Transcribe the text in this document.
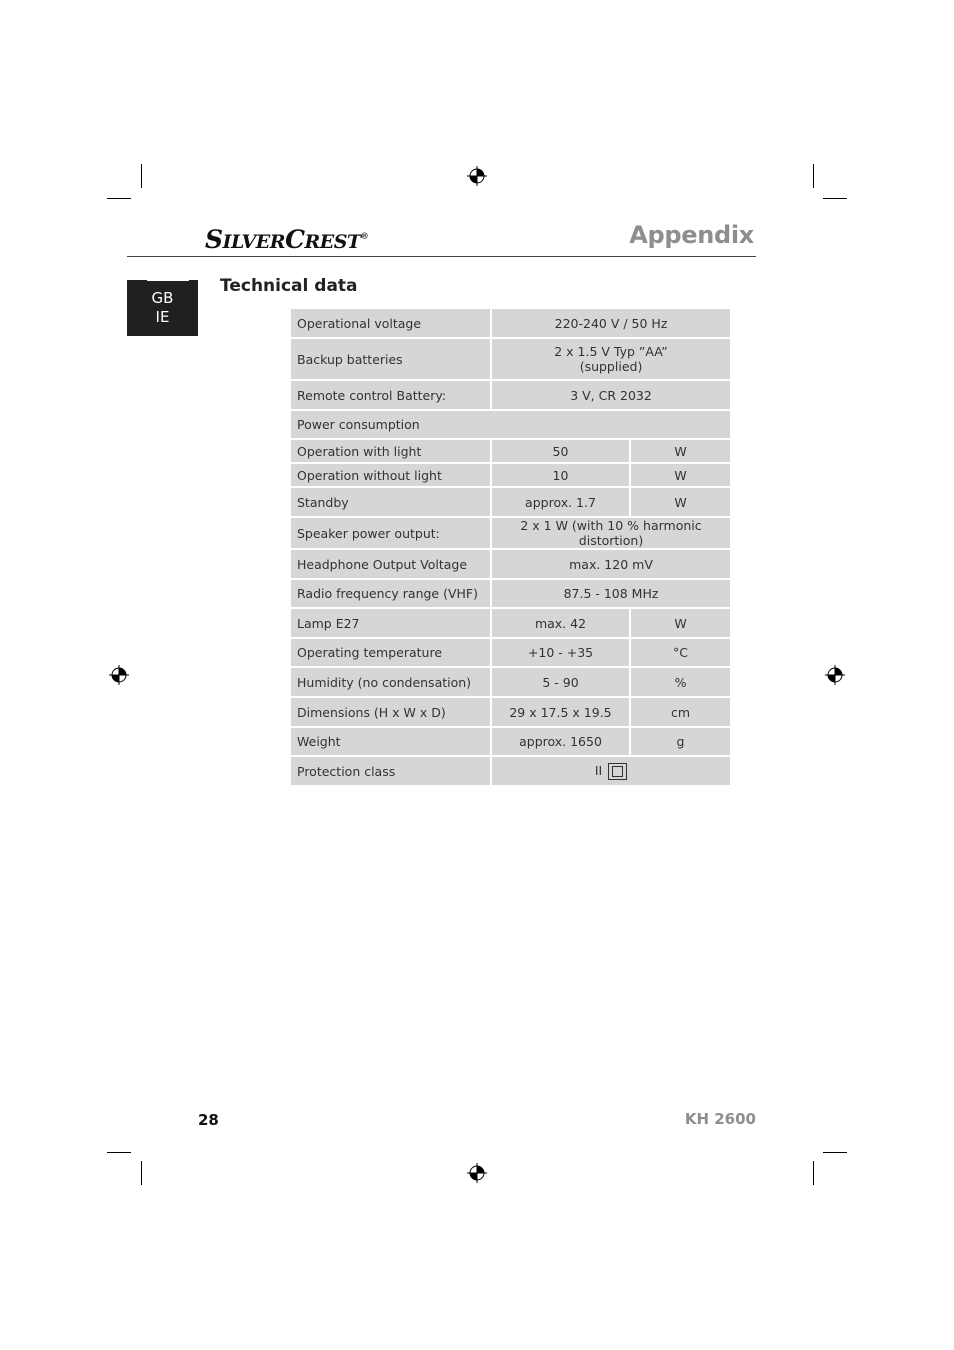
SILVERCREST®	Appendix
GB
IE
Technical data
Operational voltage	220-240 V / 50 Hz	
Backup batteries	2 x 1.5 V Typ ”AA”
(supplied)	

Remote control Battery:	3 V, CR 2032	
Power consumption		
Operation with light	50	W
Operation without light	10	W
Standby	approx. 1.7	W
Speaker power output:	2 x 1 W (with 10 % harmonic distortion)	
Headphone Output Voltage	max. 120 mV	
Radio frequency range (VHF)	87.5 - 108 MHz	
Lamp E27	max. 42	W
Operating temperature	+10 - +35	°C
Humidity (no condensation)	5 - 90	%
Dimensions (H x W x D)	29 x 17.5 x 19.5	cm
Weight	approx. 1650	g
Protection class	II	
28	KH 2600
